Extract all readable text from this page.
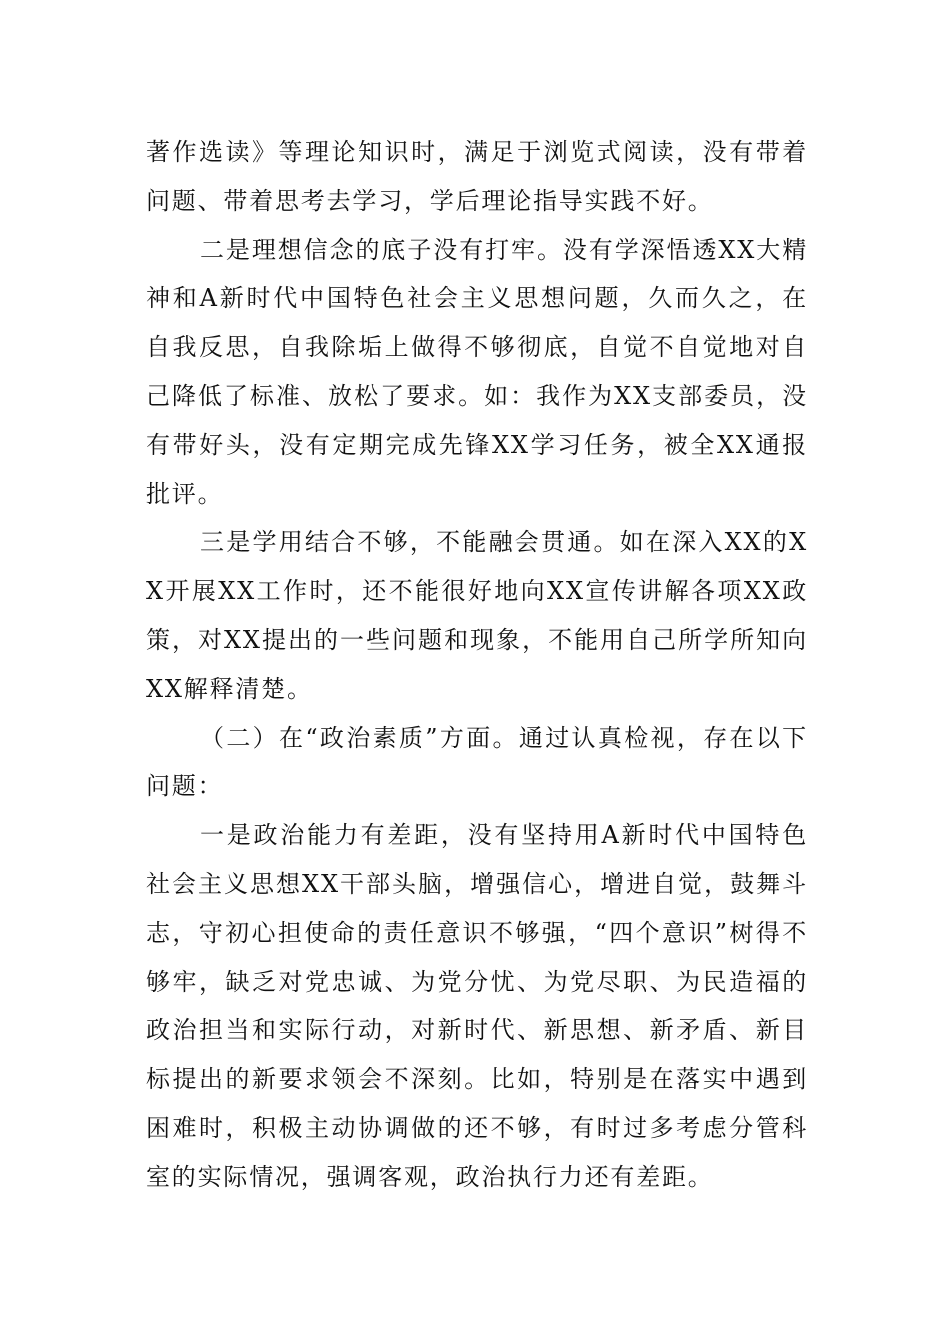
著作选读》等理论知识时，满足于浏览式阅读，没有带着问题、带着思考去学习，学后理论指导实践不好。

二是理想信念的底子没有打牢。没有学深悟透XX大精神和A新时代中国特色社会主义思想问题，久而久之，在自我反思，自我除垢上做得不够彻底，自觉不自觉地对自己降低了标准、放松了要求。如：我作为XX支部委员，没有带好头，没有定期完成先锋XX学习任务，被全XX通报批评。

三是学用结合不够，不能融会贯通。如在深入XX的XX开展XX工作时，还不能很好地向XX宣传讲解各项XX政策，对XX提出的一些问题和现象，不能用自己所学所知向XX解释清楚。

（二）在“政治素质”方面。通过认真检视，存在以下问题：

一是政治能力有差距，没有坚持用A新时代中国特色社会主义思想XX干部头脑，增强信心，增进自觉，鼓舞斗志，守初心担使命的责任意识不够强，“四个意识”树得不够牢，缺乏对党忠诚、为党分忧、为党尽职、为民造福的政治担当和实际行动，对新时代、新思想、新矛盾、新目标提出的新要求领会不深刻。比如，特别是在落实中遇到困难时，积极主动协调做的还不够，有时过多考虑分管科室的实际情况，强调客观，政治执行力还有差距。
